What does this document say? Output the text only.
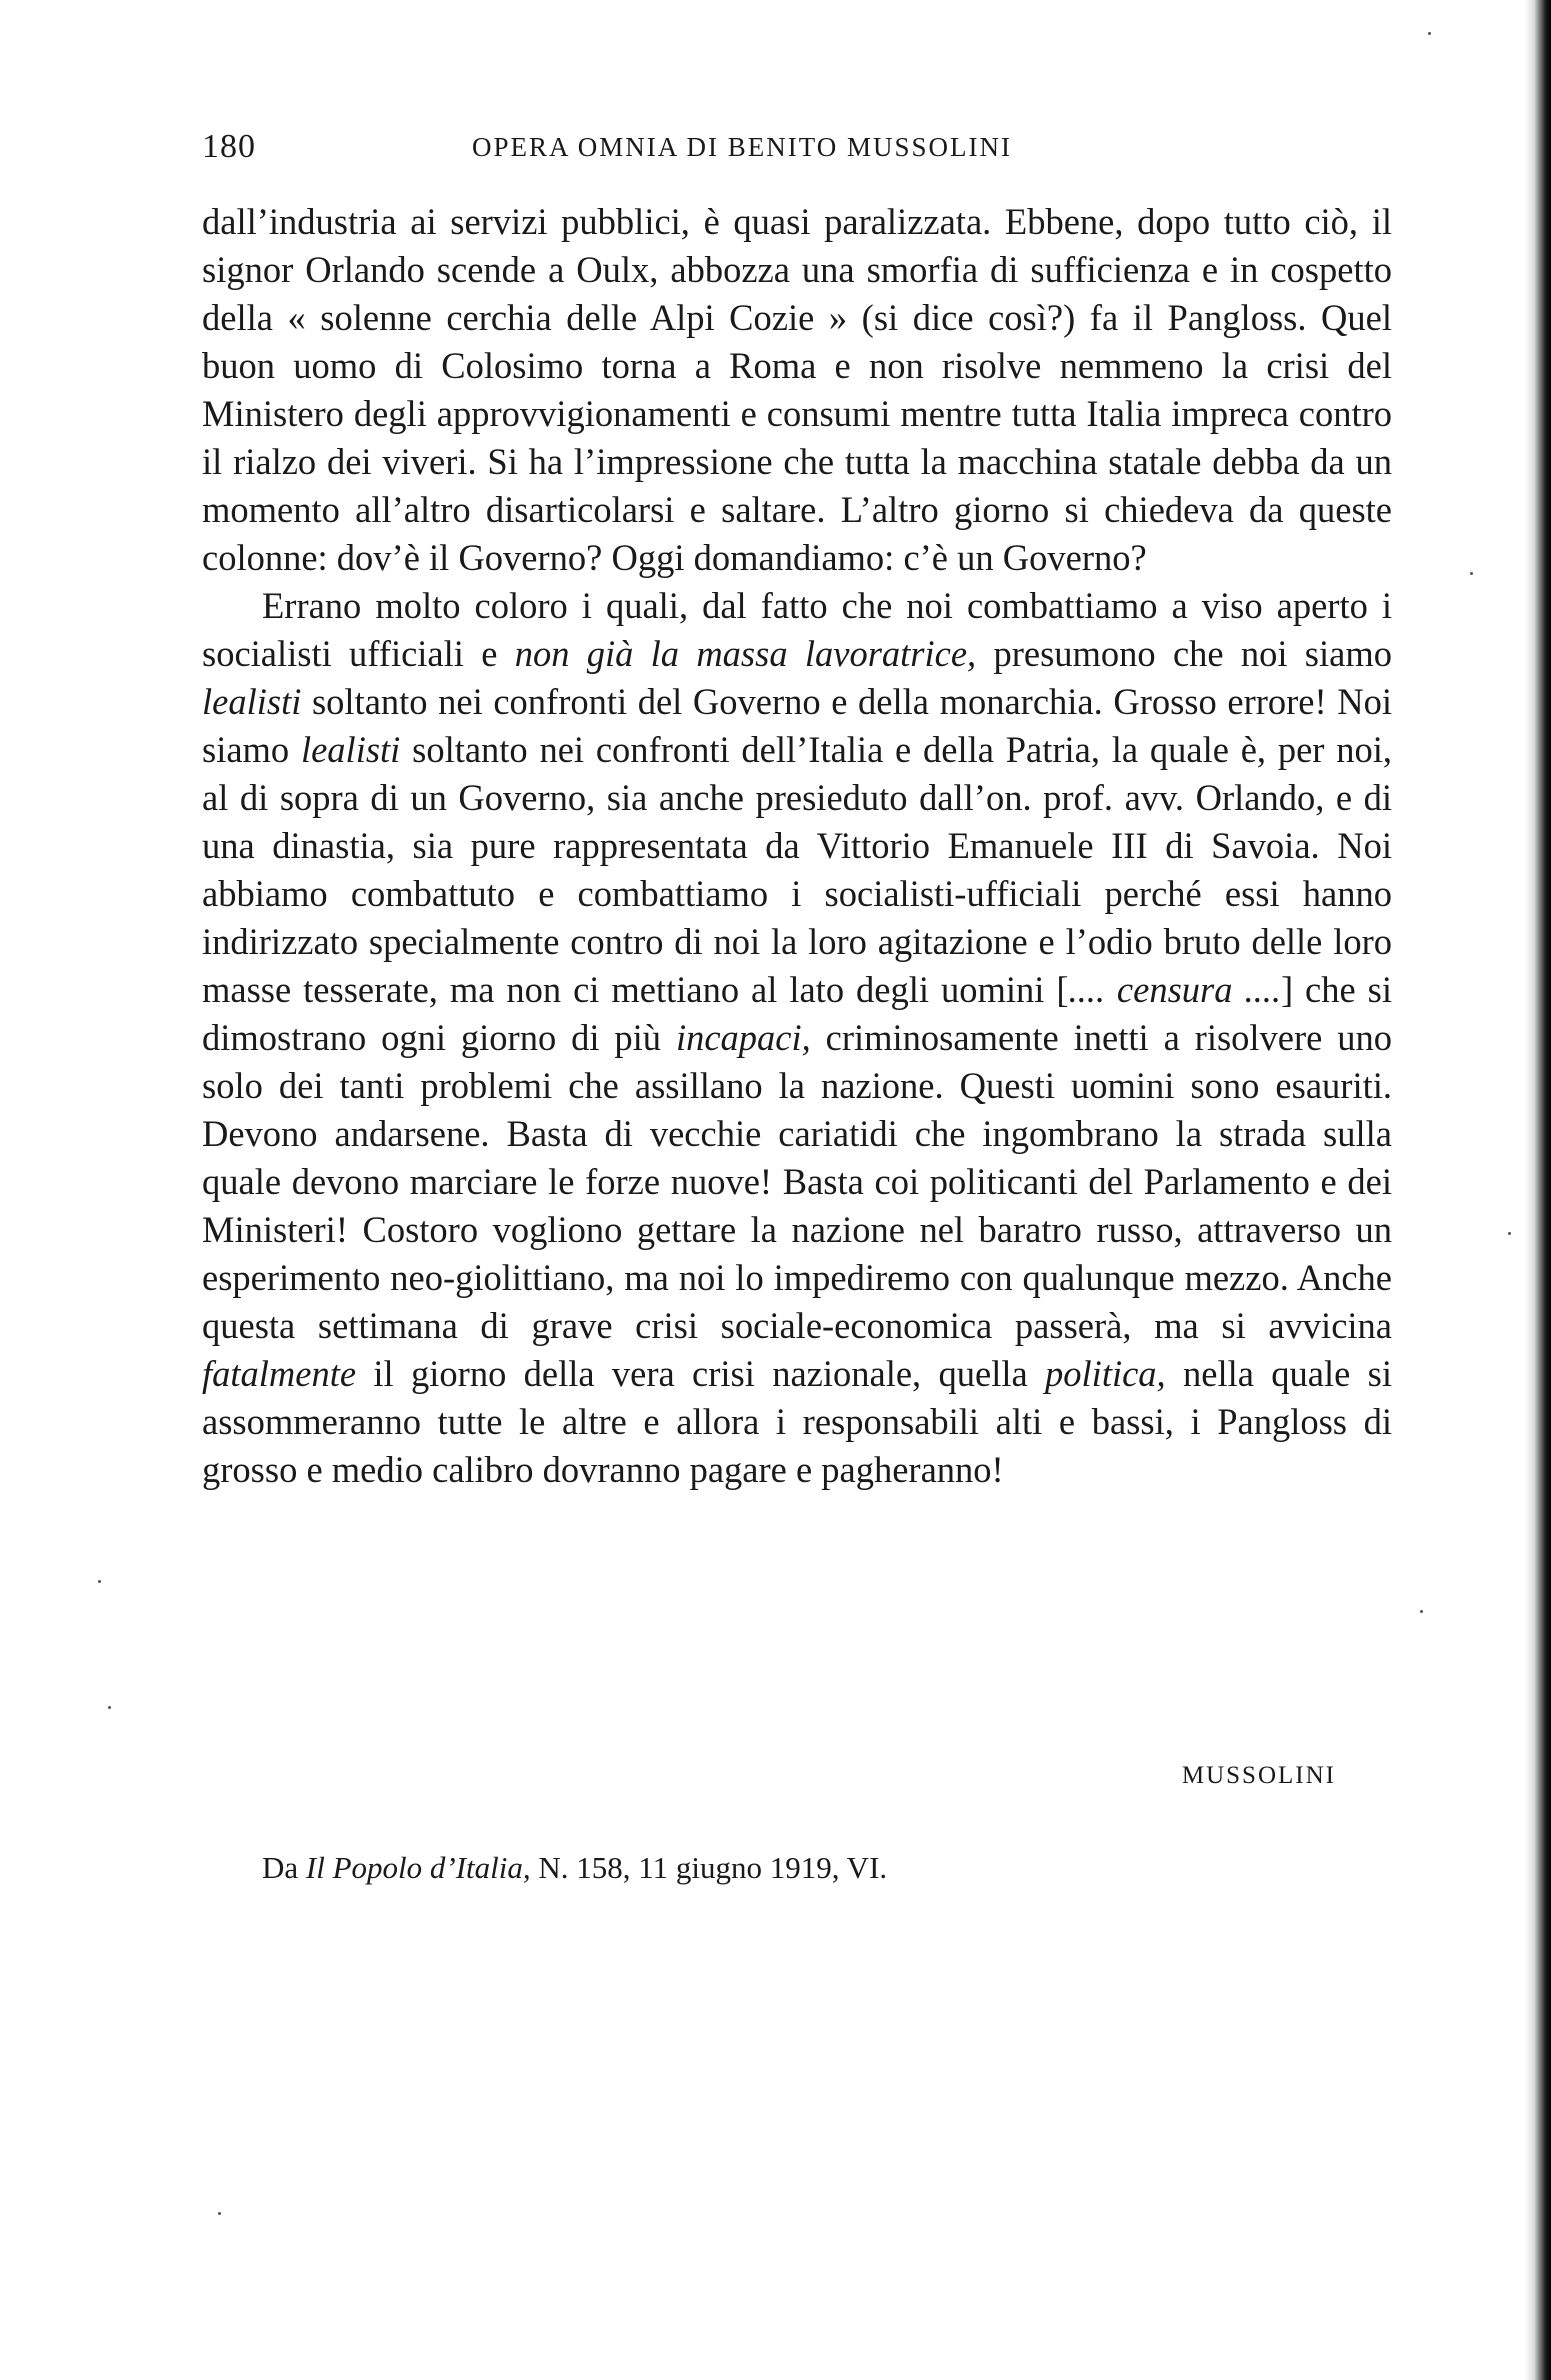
180	OPERA OMNIA DI BENITO MUSSOLINI

dall’industria ai servizi pubblici, è quasi paralizzata. Ebbene, dopo tutto ciò, il signor Orlando scende a Oulx, abbozza una smorfia di sufficienza e in cospetto della « solenne cerchia delle Alpi Cozie » (si dice così?) fa il Pangloss. Quel buon uomo di Colosimo torna a Roma e non risolve nemmeno la crisi del Ministero degli approvvigionamenti e consumi mentre tutta Italia impreca contro il rialzo dei viveri. Si ha l’impressione che tutta la macchina statale debba da un momento all’altro disarticolarsi e saltare. L’altro giorno si chiedeva da queste colonne: dov’è il Governo? Oggi domandiamo: c’è un Governo?

Errano molto coloro i quali, dal fatto che noi combattiamo a viso aperto i socialisti ufficiali e non già la massa lavoratrice, presumono che noi siamo lealisti soltanto nei confronti del Governo e della monarchia. Grosso errore! Noi siamo lealisti soltanto nei confronti dell’Italia e della Patria, la quale è, per noi, al di sopra di un Governo, sia anche presieduto dall’on. prof. avv. Orlando, e di una dinastia, sia pure rappresentata da Vittorio Emanuele III di Savoia. Noi abbiamo combattuto e combattiamo i socialisti-ufficiali perché essi hanno indirizzato specialmente contro di noi la loro agitazione e l’odio bruto delle loro masse tesserate, ma non ci mettiano al lato degli uomini [.... censura ....] che si dimostrano ogni giorno di più incapaci, criminosamente inetti a risolvere uno solo dei tanti problemi che assillano la nazione. Questi uomini sono esauriti. Devono andarsene. Basta di vecchie cariatidi che ingombrano la strada sulla quale devono marciare le forze nuove! Basta coi politicanti del Parlamento e dei Ministeri! Costoro vogliono gettare la nazione nel baratro russo, attraverso un esperimento neo-giolittiano, ma noi lo impediremo con qualunque mezzo. Anche questa settimana di grave crisi sociale-economica passerà, ma si avvicina fatalmente il giorno della vera crisi nazionale, quella politica, nella quale si assommeranno tutte le altre e allora i responsabili alti e bassi, i Pangloss di grosso e medio calibro dovranno pagare e pagheranno!

MUSSOLINI
Da Il Popolo d’Italia, N. 158, 11 giugno 1919, VI.
